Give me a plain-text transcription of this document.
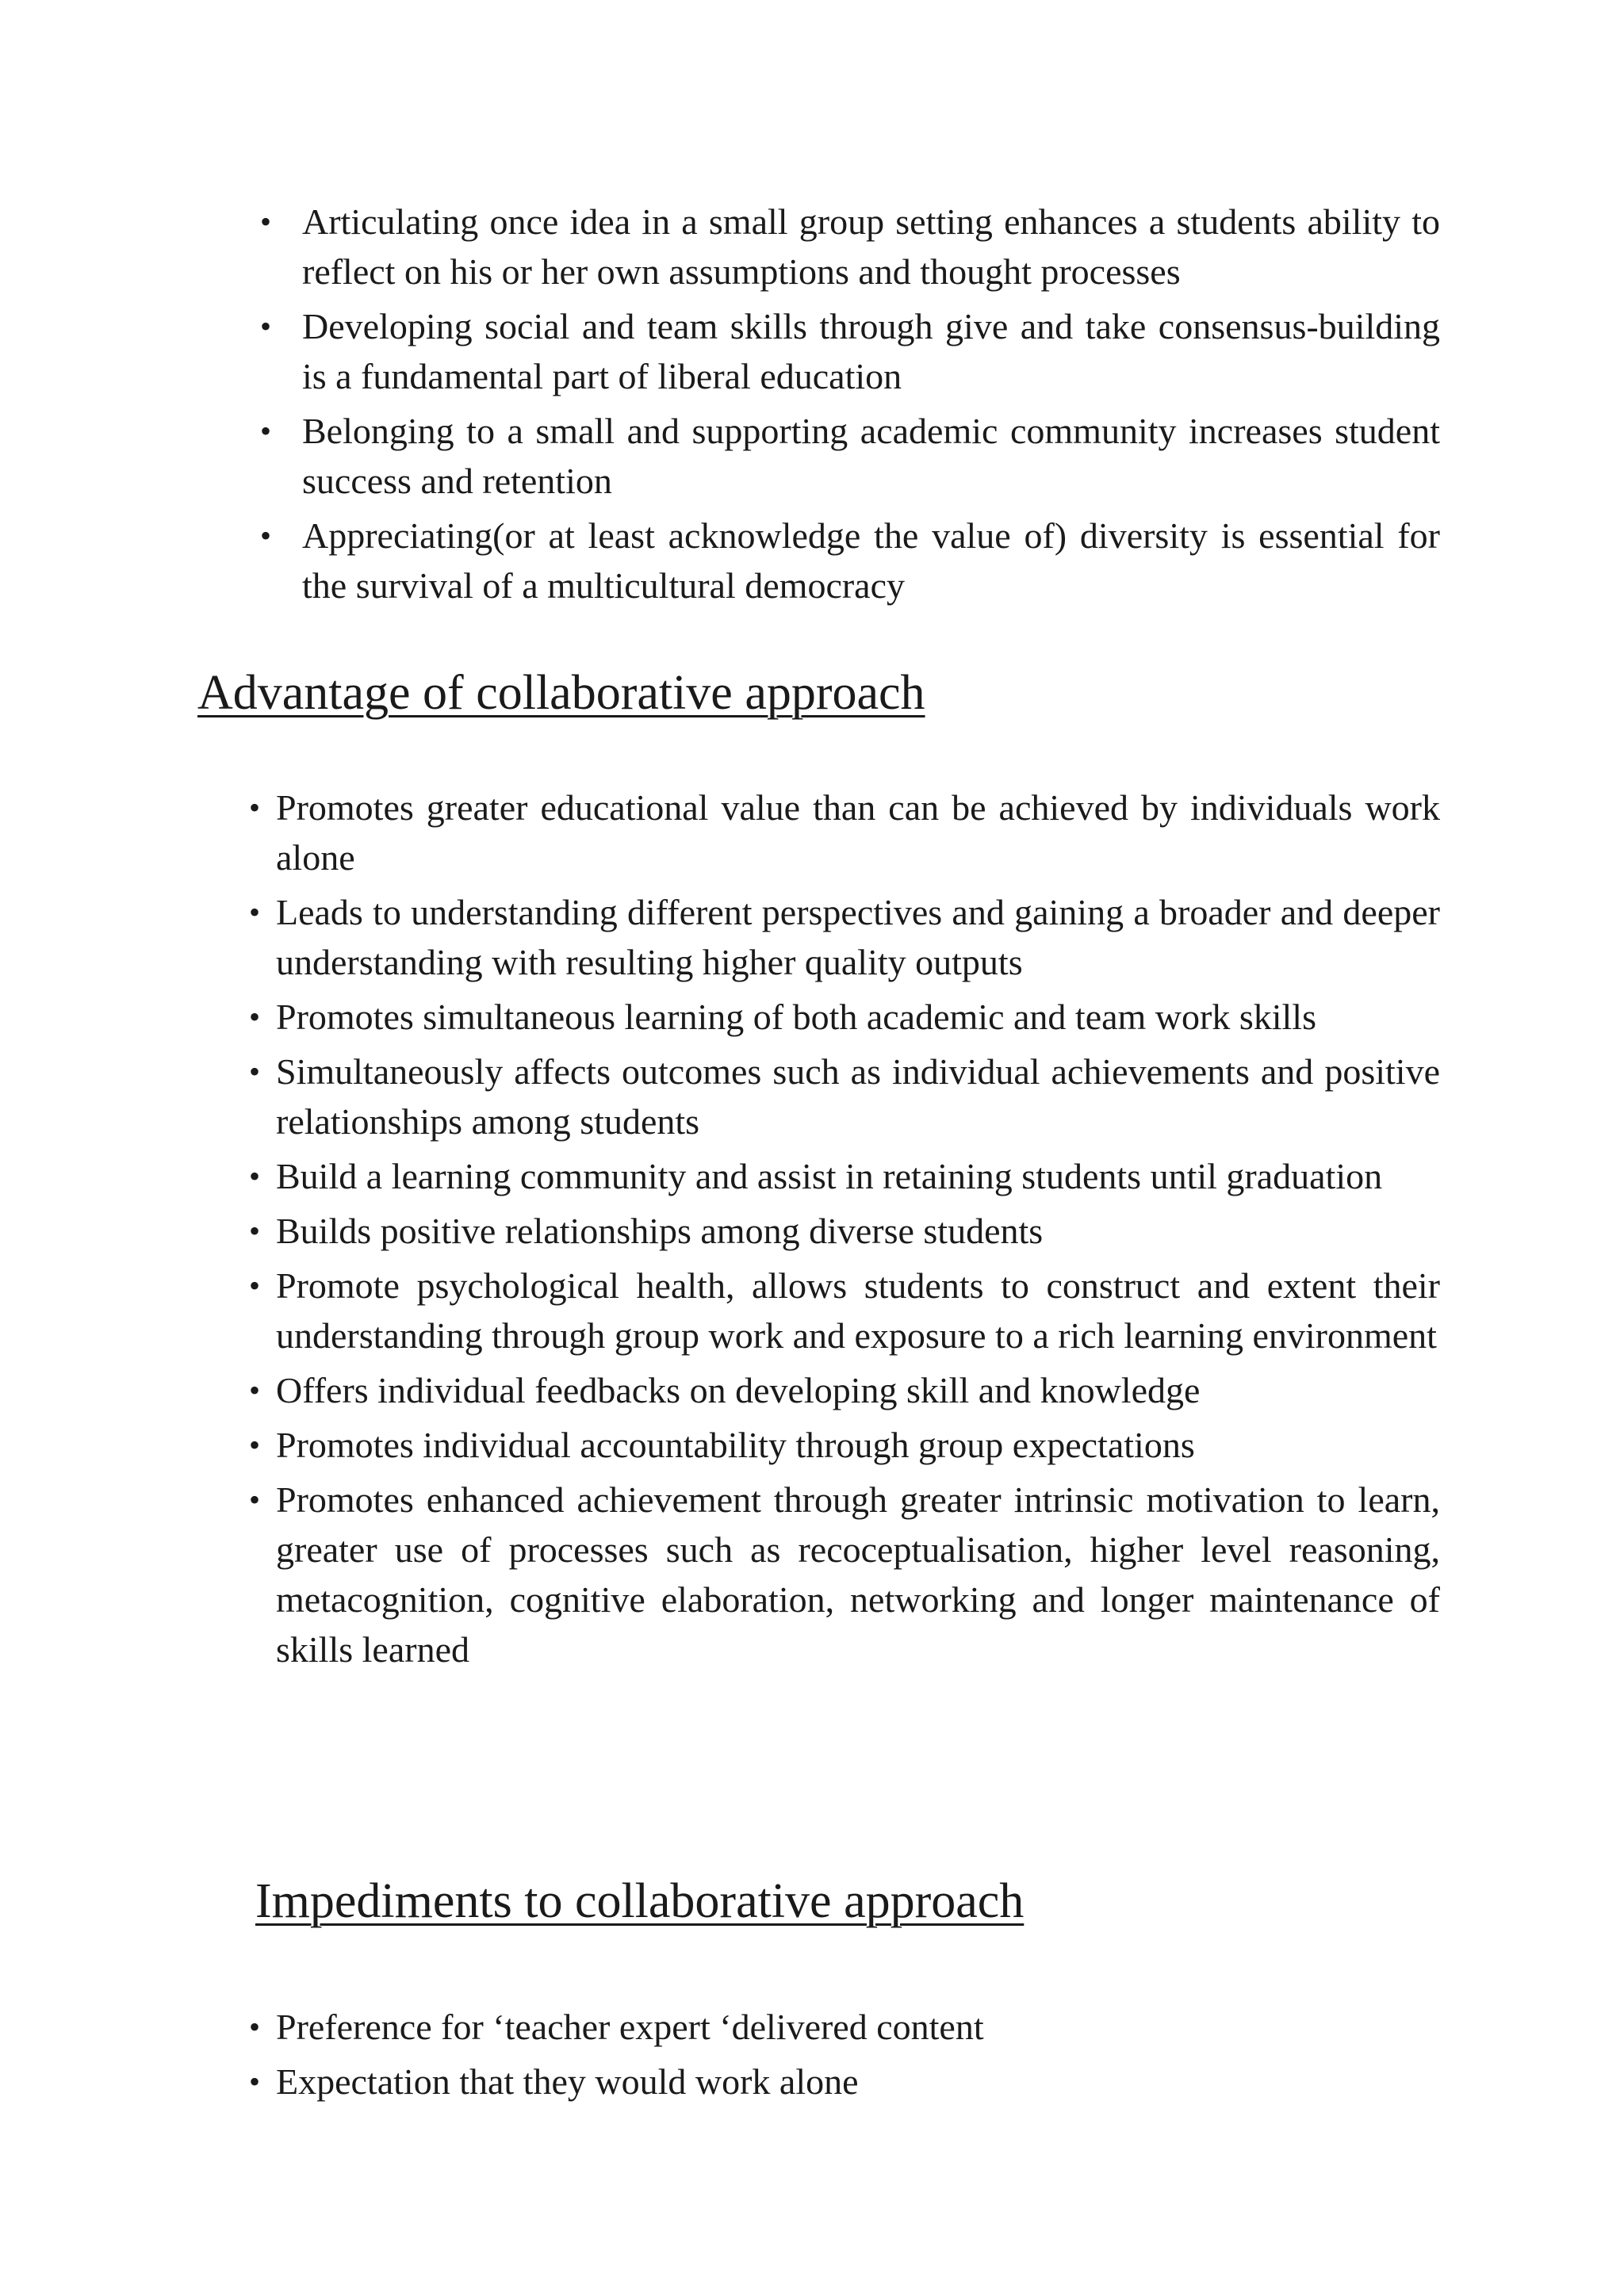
• Articulating once idea in a small group setting enhances a students ability to reflect on his or her own assumptions and thought processes
• Developing social and team skills through give and take consensus-building is a fundamental part of liberal education
• Belonging to a small and supporting academic community increases student success and retention
• Appreciating(or at least acknowledge the value of) diversity is essential for the survival of a multicultural democracy
Advantage of collaborative approach
• Promotes greater educational value than can be achieved by individuals work alone
• Leads to understanding different perspectives and gaining a broader and deeper understanding with resulting higher quality outputs
• Promotes simultaneous learning of both academic and team work skills
• Simultaneously affects outcomes such as individual achievements and positive relationships among students
• Build a learning community and assist in retaining students until graduation
• Builds positive relationships among diverse students
• Promote psychological health, allows students to construct and extent their understanding through group work and exposure to a rich learning environment
• Offers individual feedbacks on developing skill and knowledge
• Promotes individual accountability through group expectations
• Promotes enhanced achievement through greater intrinsic motivation to learn, greater use of processes such as recoceptualisation, higher level reasoning, metacognition, cognitive elaboration, networking and longer maintenance of skills learned
Impediments to collaborative approach
• Preference for ‘teacher expert ‘delivered content
• Expectation that they would work alone
